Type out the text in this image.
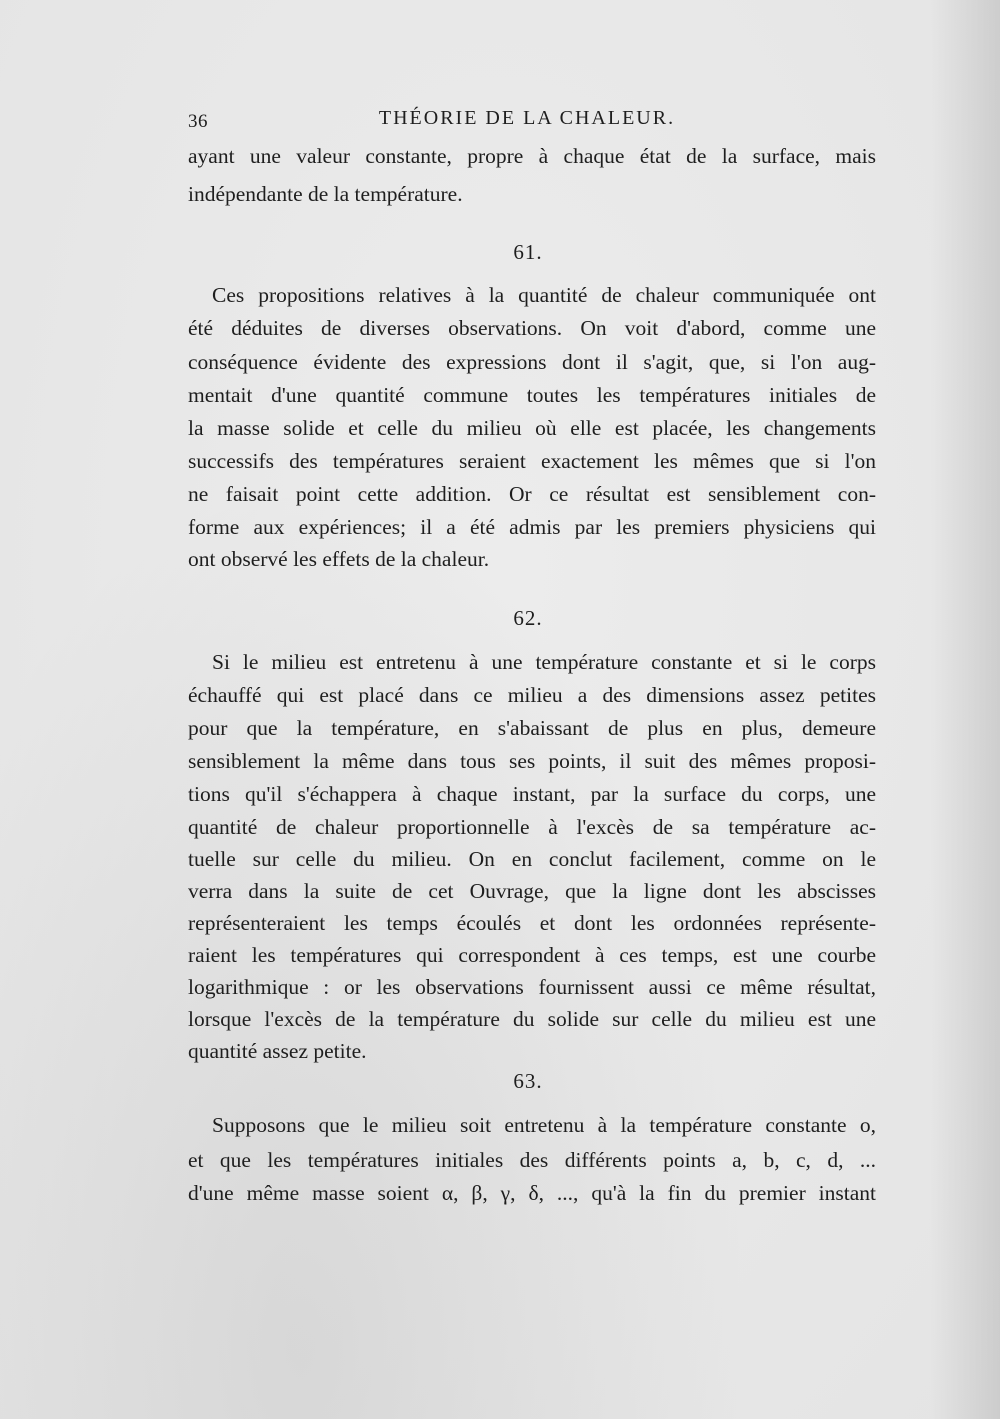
36	THÉORIE DE LA CHALEUR.
ayant une valeur constante, propre à chaque état de la surface, mais
indépendante de la température.
61.
Ces propositions relatives à la quantité de chaleur communiquée ont
été déduites de diverses observations. On voit d'abord, comme une
conséquence évidente des expressions dont il s'agit, que, si l'on aug-
mentait d'une quantité commune toutes les températures initiales de
la masse solide et celle du milieu où elle est placée, les changements
successifs des températures seraient exactement les mêmes que si l'on
ne faisait point cette addition. Or ce résultat est sensiblement con-
forme aux expériences; il a été admis par les premiers physiciens qui
ont observé les effets de la chaleur.
62.
Si le milieu est entretenu à une température constante et si le corps
échauffé qui est placé dans ce milieu a des dimensions assez petites
pour que la température, en s'abaissant de plus en plus, demeure
sensiblement la même dans tous ses points, il suit des mêmes proposi-
tions qu'il s'échappera à chaque instant, par la surface du corps, une
quantité de chaleur proportionnelle à l'excès de sa température ac-
tuelle sur celle du milieu. On en conclut facilement, comme on le
verra dans la suite de cet Ouvrage, que la ligne dont les abscisses
représenteraient les temps écoulés et dont les ordonnées représente-
raient les températures qui correspondent à ces temps, est une courbe
logarithmique : or les observations fournissent aussi ce même résultat,
lorsque l'excès de la température du solide sur celle du milieu est une
quantité assez petite.
63.
Supposons que le milieu soit entretenu à la température constante o,
et que les températures initiales des différents points a, b, c, d, ...
d'une même masse soient α, β, γ, δ, ..., qu'à la fin du premier instant
